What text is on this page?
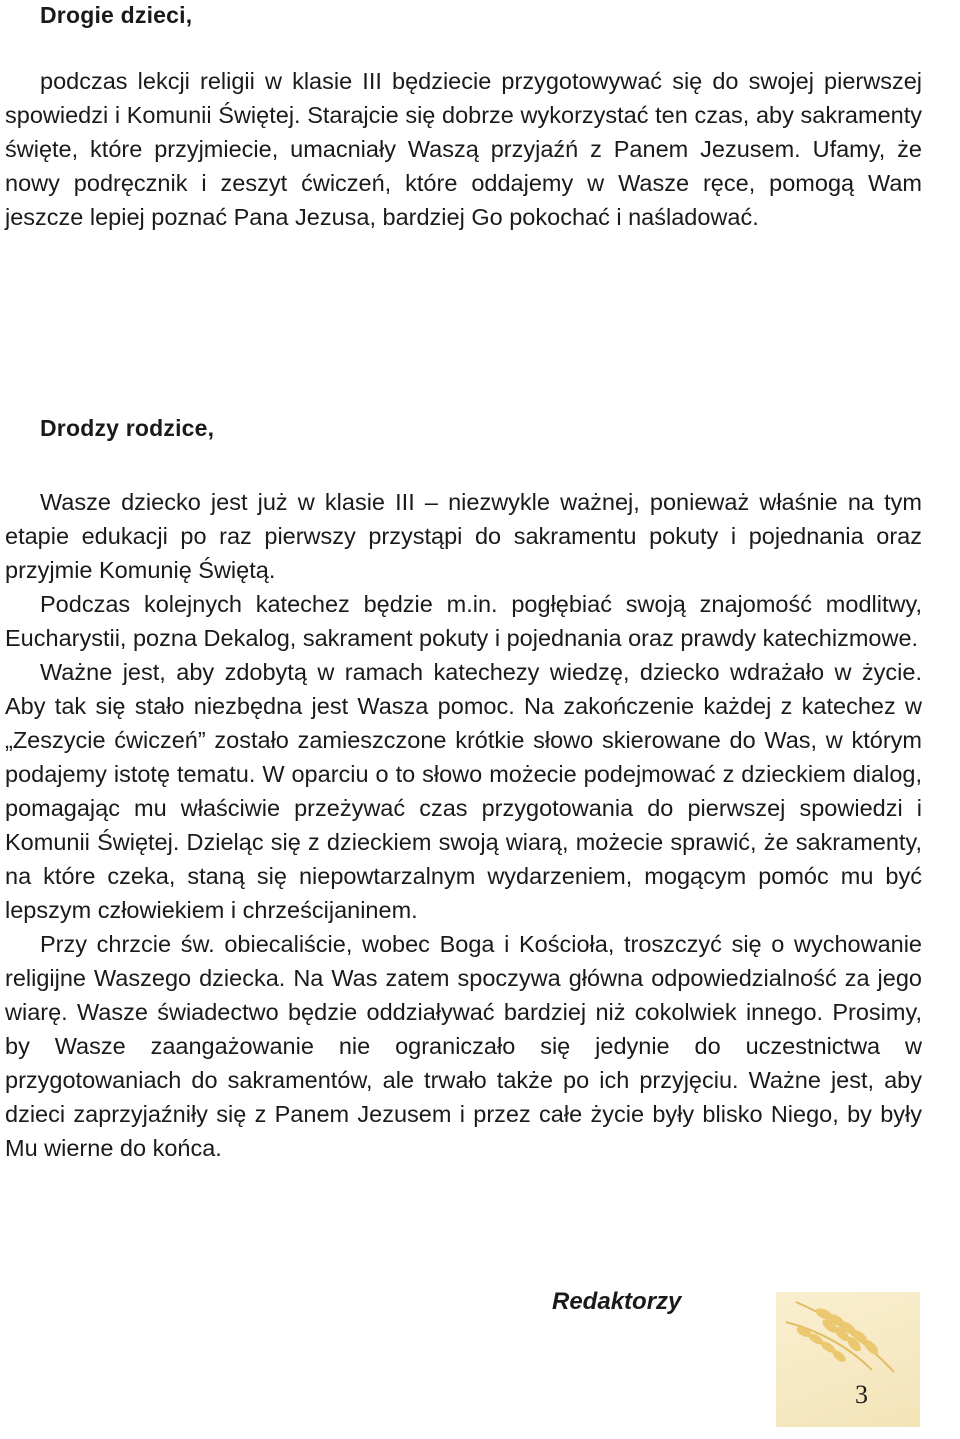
Drogie dzieci,

podczas lekcji religii w klasie III będziecie przygotowywać się do swojej pierwszej spowiedzi i Komunii Świętej. Starajcie się dobrze wykorzystać ten czas, aby sakramenty święte, które przyjmiecie, umacniały Waszą przyjaźń z Panem Jezusem. Ufamy, że nowy podręcznik i zeszyt ćwiczeń, które oddajemy w Wasze ręce, pomogą Wam jeszcze lepiej poznać Pana Jezusa, bardziej Go pokochać i naśladować.

Drodzy rodzice,

Wasze dziecko jest już w klasie III – niezwykle ważnej, ponieważ właśnie na tym etapie edukacji po raz pierwszy przystąpi do sakramentu pokuty i pojednania oraz przyjmie Komunię Świętą.

Podczas kolejnych katechez będzie m.in. pogłębiać swoją znajomość modlitwy, Eucharystii, pozna Dekalog, sakrament pokuty i pojednania oraz prawdy katechizmowe.

Ważne jest, aby zdobytą w ramach katechezy wiedzę, dziecko wdrażało w życie. Aby tak się stało niezbędna jest Wasza pomoc. Na zakończenie każdej z katechez w „Zeszycie ćwiczeń” zostało zamieszczone krótkie słowo skierowane do Was, w którym podajemy istotę tematu. W oparciu o to słowo możecie podejmować z dzieckiem dialog, pomagając mu właściwie przeżywać czas przygotowania do pierwszej spowiedzi i Komunii Świętej. Dzieląc się z dzieckiem swoją wiarą, możecie sprawić, że sakramenty, na które czeka, staną się niepowtarzalnym wydarzeniem, mogącym pomóc mu być lepszym człowiekiem i chrześcijaninem.

Przy chrzcie św. obiecaliście, wobec Boga i Kościoła, troszczyć się o wychowanie religijne Waszego dziecka. Na Was zatem spoczywa główna odpowiedzialność za jego wiarę. Wasze świadectwo będzie oddziaływać bardziej niż cokolwiek innego. Prosimy, by Wasze zaangażowanie nie ograniczało się jedynie do uczestnictwa w przygotowaniach do sakramentów, ale trwało także po ich przyjęciu. Ważne jest, aby dzieci zaprzyjaźniły się z Panem Jezusem i przez całe życie były blisko Niego, by były Mu wierne do końca.

Redaktorzy

3
